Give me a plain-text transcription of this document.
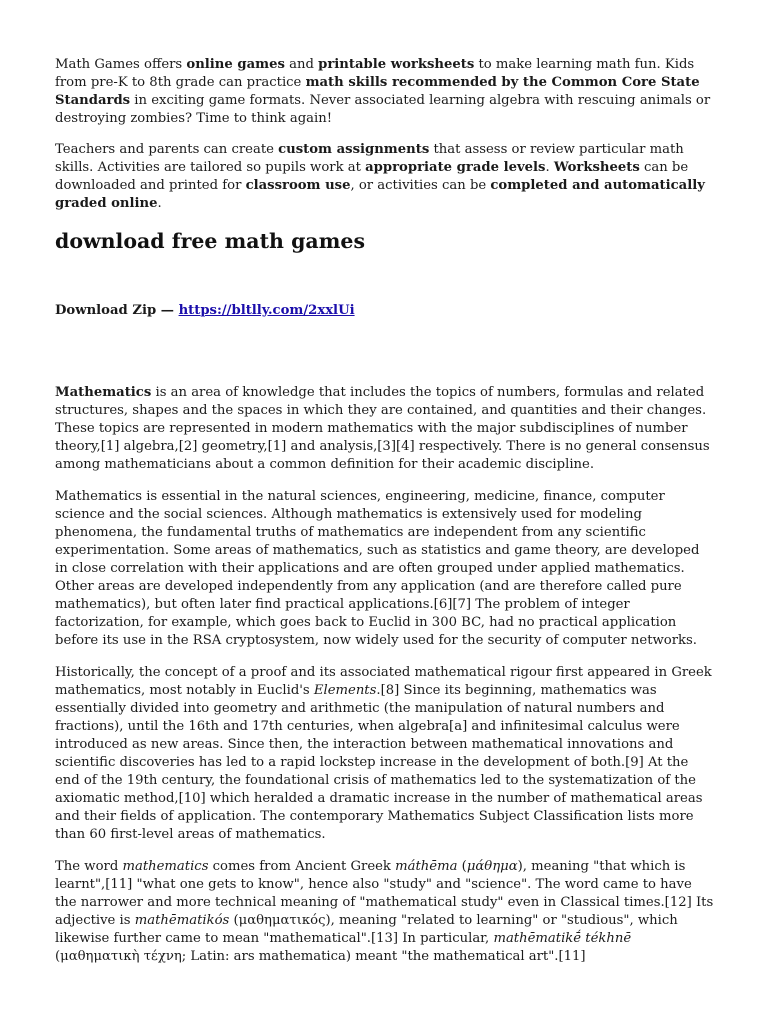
Math Games offers online games and printable worksheets to make learning math fun. Kids from pre-K to 8th grade can practice math skills recommended by the Common Core State Standards in exciting game formats. Never associated learning algebra with rescuing animals or destroying zombies? Time to think again!

Teachers and parents can create custom assignments that assess or review particular math skills. Activities are tailored so pupils work at appropriate grade levels. Worksheets can be downloaded and printed for classroom use, or activities can be completed and automatically graded online.

download free math games

Download Zip — https://bltlly.com/2xxlUi

Mathematics is an area of knowledge that includes the topics of numbers, formulas and related structures, shapes and the spaces in which they are contained, and quantities and their changes. These topics are represented in modern mathematics with the major subdisciplines of number theory,[1] algebra,[2] geometry,[1] and analysis,[3][4] respectively. There is no general consensus among mathematicians about a common definition for their academic discipline.

Mathematics is essential in the natural sciences, engineering, medicine, finance, computer science and the social sciences. Although mathematics is extensively used for modeling phenomena, the fundamental truths of mathematics are independent from any scientific experimentation. Some areas of mathematics, such as statistics and game theory, are developed in close correlation with their applications and are often grouped under applied mathematics. Other areas are developed independently from any application (and are therefore called pure mathematics), but often later find practical applications.[6][7] The problem of integer factorization, for example, which goes back to Euclid in 300 BC, had no practical application before its use in the RSA cryptosystem, now widely used for the security of computer networks.

Historically, the concept of a proof and its associated mathematical rigour first appeared in Greek mathematics, most notably in Euclid's Elements.[8] Since its beginning, mathematics was essentially divided into geometry and arithmetic (the manipulation of natural numbers and fractions), until the 16th and 17th centuries, when algebra[a] and infinitesimal calculus were introduced as new areas. Since then, the interaction between mathematical innovations and scientific discoveries has led to a rapid lockstep increase in the development of both.[9] At the end of the 19th century, the foundational crisis of mathematics led to the systematization of the axiomatic method,[10] which heralded a dramatic increase in the number of mathematical areas and their fields of application. The contemporary Mathematics Subject Classification lists more than 60 first-level areas of mathematics.

The word mathematics comes from Ancient Greek máthēma (μάθημα), meaning "that which is learnt",[11] "what one gets to know", hence also "study" and "science". The word came to have the narrower and more technical meaning of "mathematical study" even in Classical times.[12] Its adjective is mathēmatikós (μαθηματικός), meaning "related to learning" or "studious", which likewise further came to mean "mathematical".[13] In particular, mathēmatikḗ tékhnē (μαθηματικὴ τέχνη; Latin: ars mathematica) meant "the mathematical art".[11]
